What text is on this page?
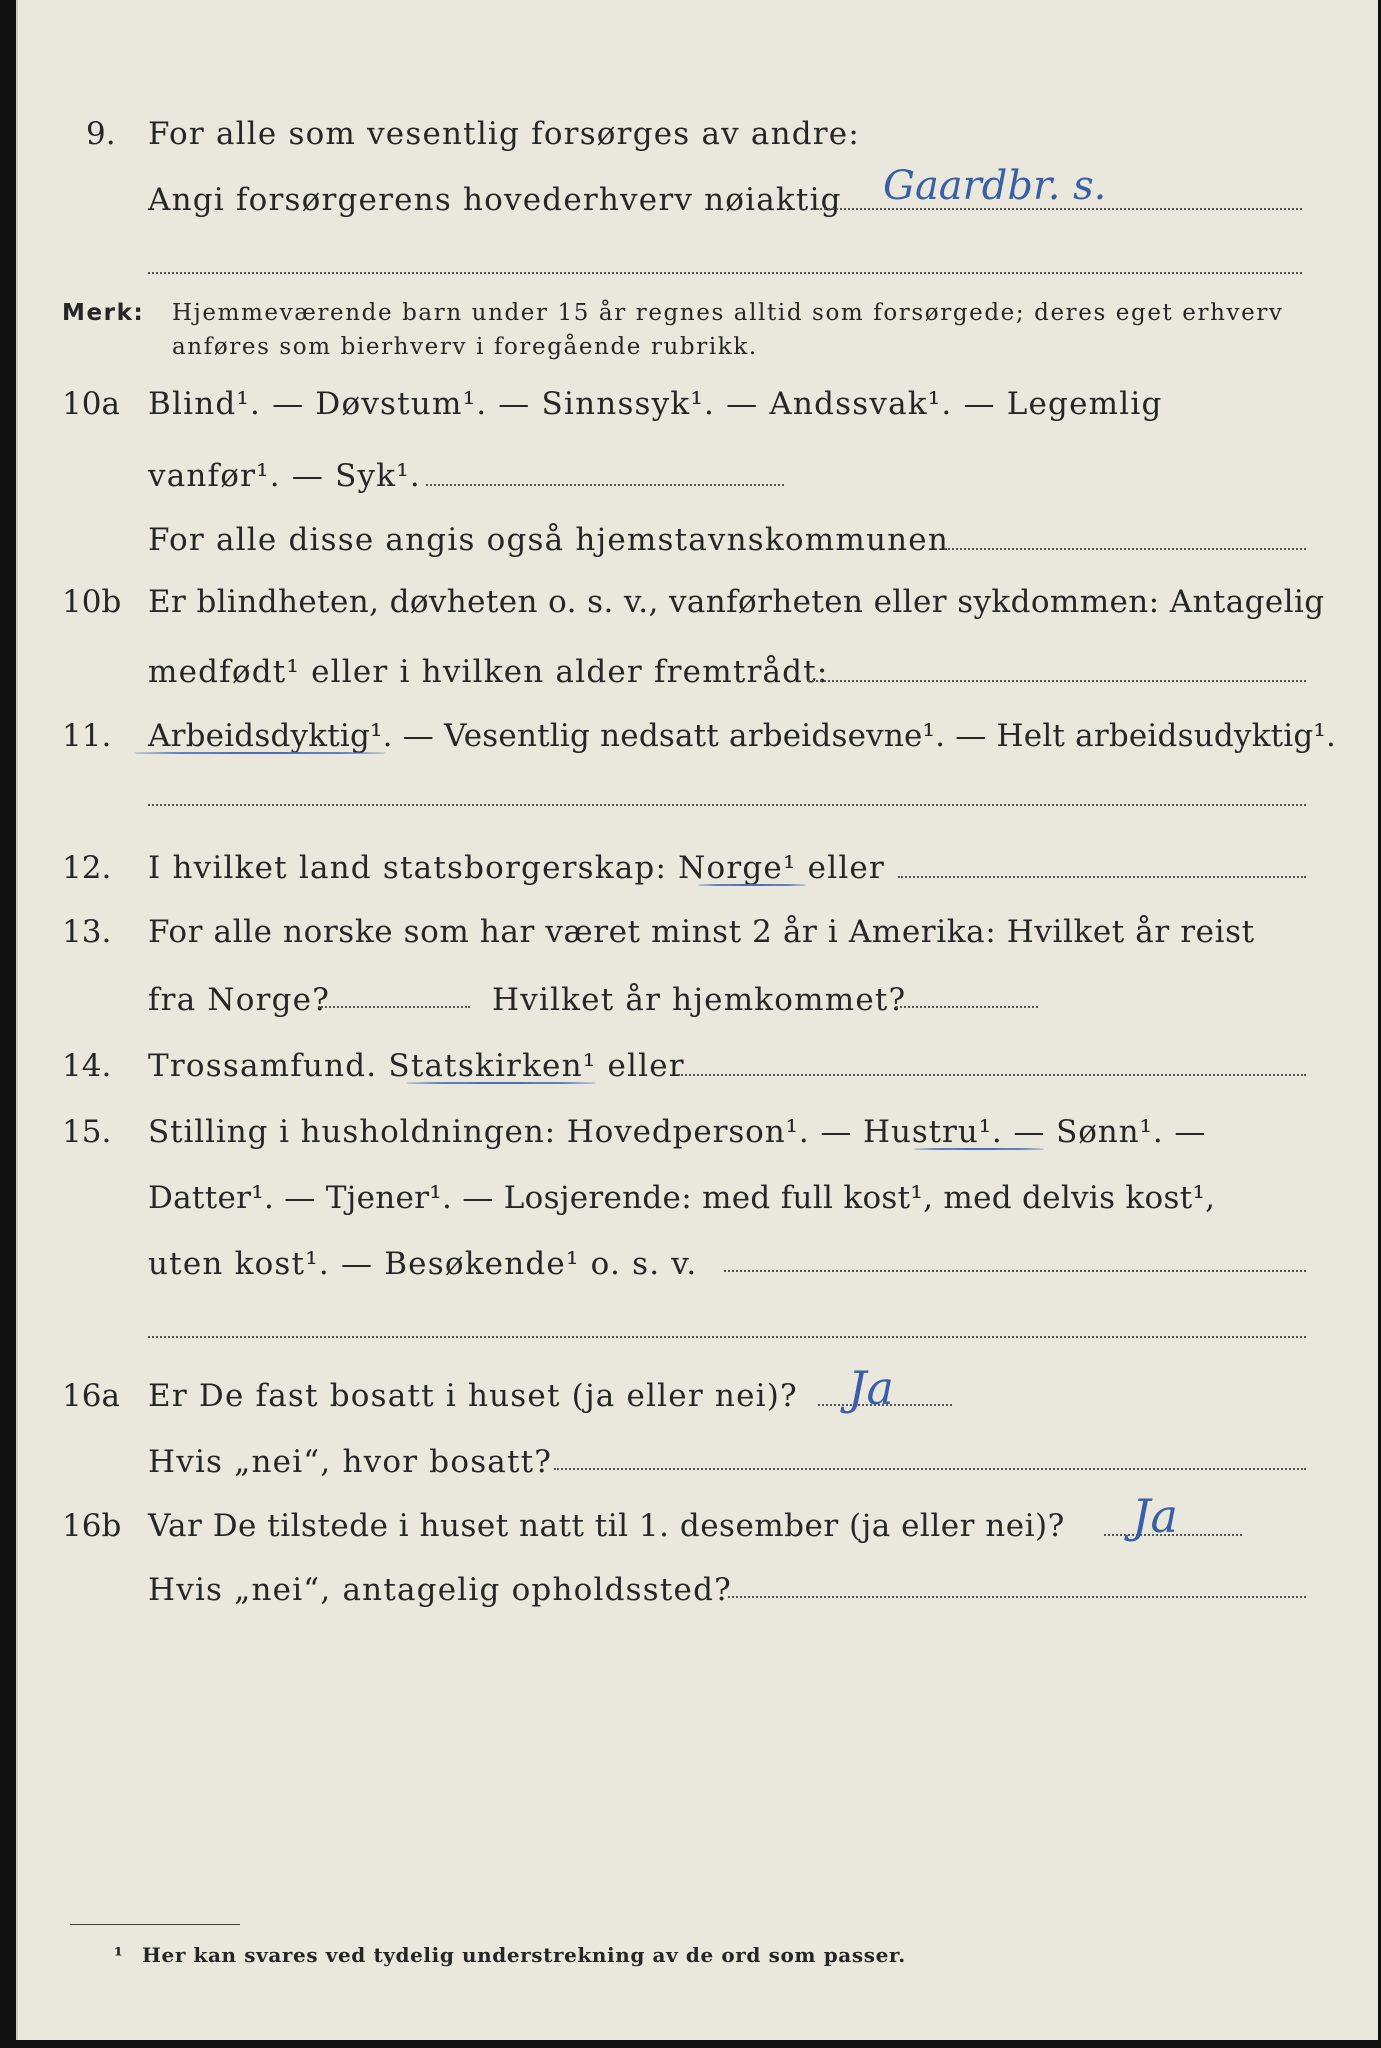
9. For alle som vesentlig forsørges av andre:
Angi forsørgerens hovederhverv nøiaktig Gaardbr. s.
Merk: Hjemmeværende barn under 15 år regnes alltid som forsørgede; deres eget erhverv
anføres som bierhverv i foregående rubrikk.
10a Blind¹. — Døvstum¹. — Sinnssyk¹. — Andssvak¹. — Legemlig
vanfør¹. — Syk¹.
For alle disse angis også hjemstavnskommunen
10b Er blindheten, døvheten o. s. v., vanførheten eller sykdommen: Antagelig
medfødt¹ eller i hvilken alder fremtrådt:
11. Arbeidsdyktig¹. — Vesentlig nedsatt arbeidsevne¹. — Helt arbeidsudyktig¹.
12. I hvilket land statsborgerskap: Norge¹ eller
13. For alle norske som har været minst 2 år i Amerika: Hvilket år reist
fra Norge?	Hvilket år hjemkommet?
14. Trossamfund. Statskirken¹ eller
15. Stilling i husholdningen: Hovedperson¹. — Hustru¹. — Sønn¹. —
Datter¹. — Tjener¹. — Losjerende: med full kost¹, med delvis kost¹,
uten kost¹. — Besøkende¹ o. s. v.
16a Er De fast bosatt i huset (ja eller nei)? Ja
Hvis „nei“, hvor bosatt?
16b Var De tilstede i huset natt til 1. desember (ja eller nei)? Ja
Hvis „nei“, antagelig opholdssted?
¹ Her kan svares ved tydelig understrekning av de ord som passer.
